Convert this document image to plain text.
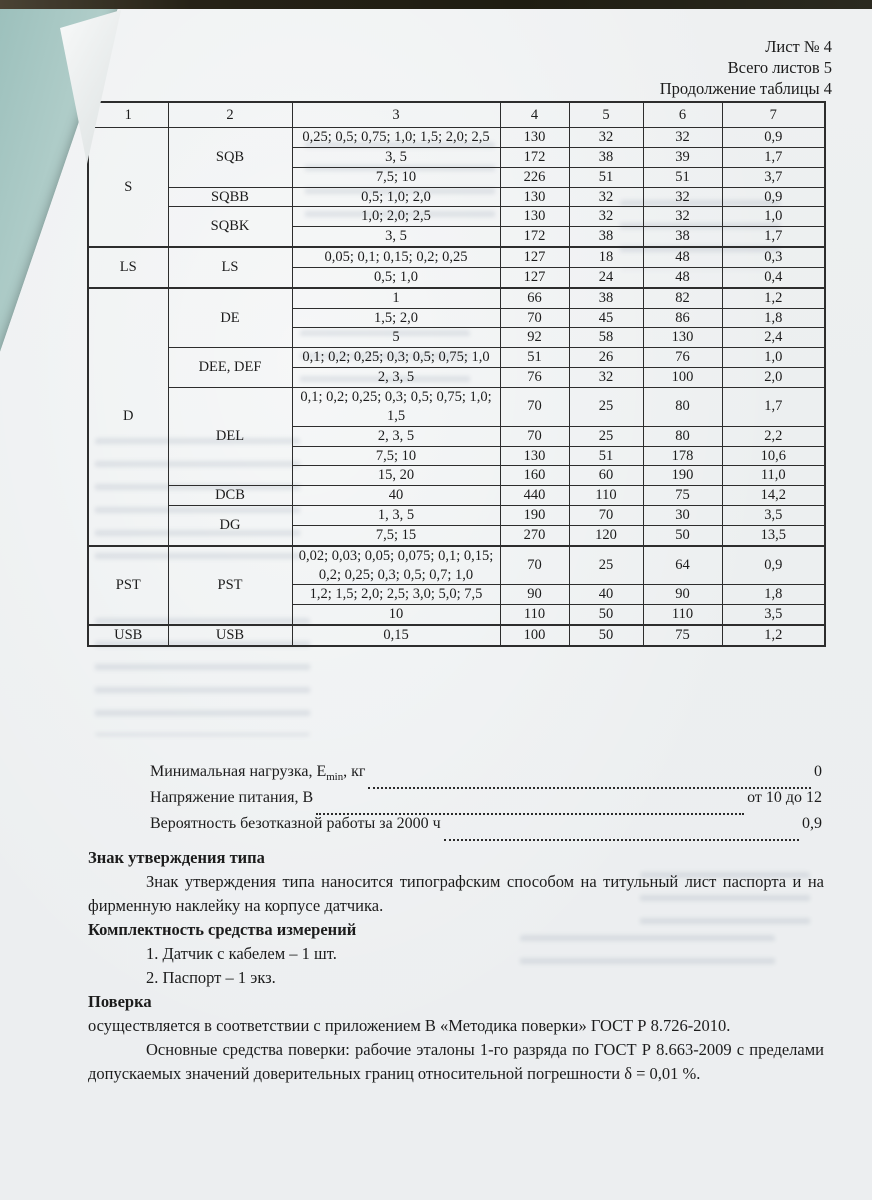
Лист № 4
Всего листов 5
Продолжение таблицы 4
1	2	3	4	5	6	7
S	SQB	0,25; 0,5; 0,75; 1,0; 1,5; 2,0; 2,5	130	32	32	0,9
		3, 5	172	38	39	1,7
		7,5; 10	226	51	51	3,7
	SQBB	0,5; 1,0; 2,0	130	32	32	0,9
	SQBK	1,0; 2,0; 2,5	130	32	32	1,0
		3, 5	172	38	38	1,7
LS	LS	0,05; 0,1; 0,15; 0,2; 0,25	127	18	48	0,3
		0,5; 1,0	127	24	48	0,4
D	DE	1	66	38	82	1,2
		1,5; 2,0	70	45	86	1,8
		5	92	58	130	2,4
	DEE, DEF	0,1; 0,2; 0,25; 0,3; 0,5; 0,75; 1,0	51	26	76	1,0
		2, 3, 5	76	32	100	2,0
	DEL	0,1; 0,2; 0,25; 0,3; 0,5; 0,75; 1,0; 1,5	70	25	80	1,7
		2, 3, 5	70	25	80	2,2
		7,5; 10	130	51	178	10,6
		15, 20	160	60	190	11,0
	DCB	40	440	110	75	14,2
	DG	1, 3, 5	190	70	30	3,5
		7,5; 15	270	120	50	13,5
PST	PST	0,02; 0,03; 0,05; 0,075; 0,1; 0,15; 0,2; 0,25; 0,3; 0,5; 0,7; 1,0	70	25	64	0,9
		1,2; 1,5; 2,0; 2,5; 3,0; 5,0; 7,5	90	40	90	1,8
		10	110	50	110	3,5
USB	USB	0,15	100	50	75	1,2
Минимальная нагрузка, $E_{min}$, кг	0
Напряжение питания, В	от 10 до 12
Вероятность безотказной работы за 2000 ч	0,9

Знак утверждения типа

Знак утверждения типа наносится типографским способом на титульный лист паспорта и на фирменную наклейку на корпусе датчика.

Комплектность средства измерений

1. Датчик с кабелем – 1 шт.

2. Паспорт – 1 экз.

Поверка

осуществляется в соответствии с приложением В «Методика поверки» ГОСТ Р 8.726-2010.

Основные средства поверки: рабочие эталоны 1-го разряда по ГОСТ Р 8.663-2009 с пределами допускаемых значений доверительных границ относительной погрешности δ = 0,01 %.
